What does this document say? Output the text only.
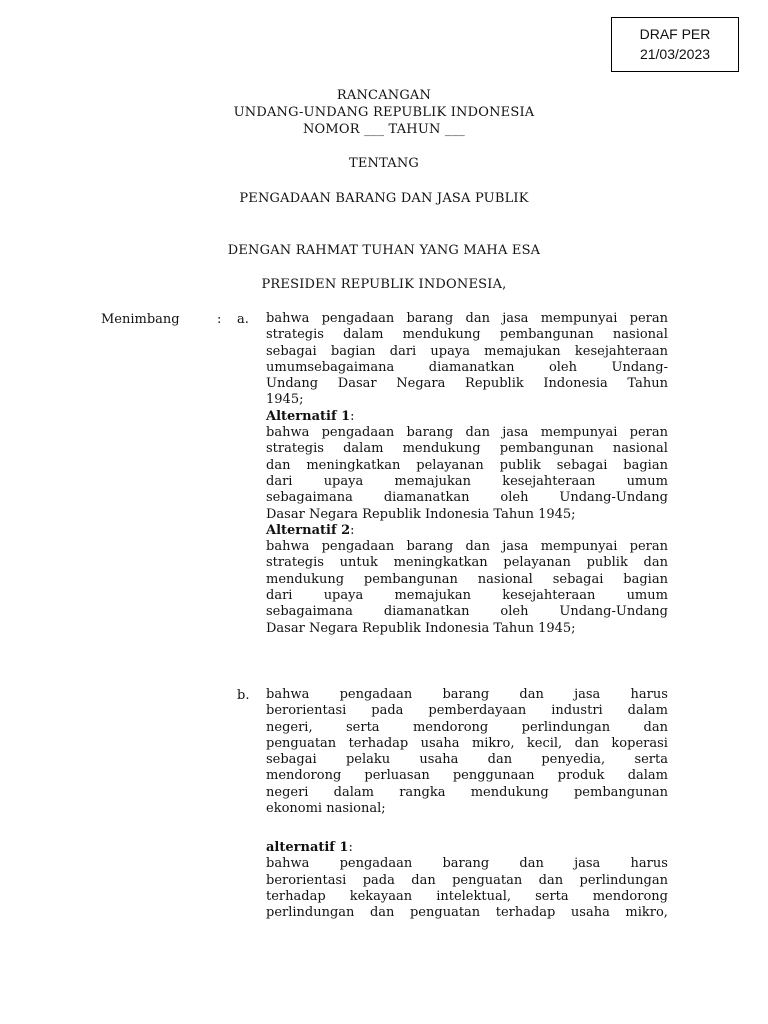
DRAF PER
21/03/2023
RANCANGAN
UNDANG-UNDANG REPUBLIK INDONESIA
NOMOR ___ TAHUN ___
TENTANG
PENGADAAN BARANG DAN JASA PUBLIK
DENGAN RAHMAT TUHAN YANG MAHA ESA
PRESIDEN REPUBLIK INDONESIA,
Menimbang	: a. bahwa pengadaan barang dan jasa mempunyai peran
strategis dalam mendukung pembangunan nasional
sebagai bagian dari upaya memajukan kesejahteraan
umumsebagaimana	diamanatkan	oleh	Undang-
Undang Dasar Negara Republik Indonesia Tahun
1945;
Alternatif 1:
bahwa pengadaan barang dan jasa mempunyai peran
strategis dalam mendukung pembangunan nasional
dan meningkatkan pelayanan publik sebagai bagian
dari upaya memajukan kesejahteraan umum
sebagaimana diamanatkan oleh Undang-Undang
Dasar Negara Republik Indonesia Tahun 1945;
Alternatif 2:
bahwa pengadaan barang dan jasa mempunyai peran
strategis untuk meningkatkan pelayanan publik dan
mendukung pembangunan nasional sebagai bagian
dari upaya memajukan kesejahteraan umum
sebagaimana diamanatkan oleh Undang-Undang
Dasar Negara Republik Indonesia Tahun 1945;
b. bahwa pengadaan barang dan jasa harus
berorientasi pada pemberdayaan industri dalam
negeri,	serta	mendorong	perlindungan	dan
penguatan terhadap usaha mikro, kecil, dan koperasi
sebagai pelaku usaha dan penyedia, serta
mendorong perluasan penggunaan produk dalam
negeri dalam rangka mendukung pembangunan
ekonomi nasional;
alternatif 1:
bahwa pengadaan barang dan jasa harus
berorientasi pada dan penguatan dan perlindungan
terhadap kekayaan intelektual, serta mendorong
perlindungan dan penguatan terhadap usaha mikro,
